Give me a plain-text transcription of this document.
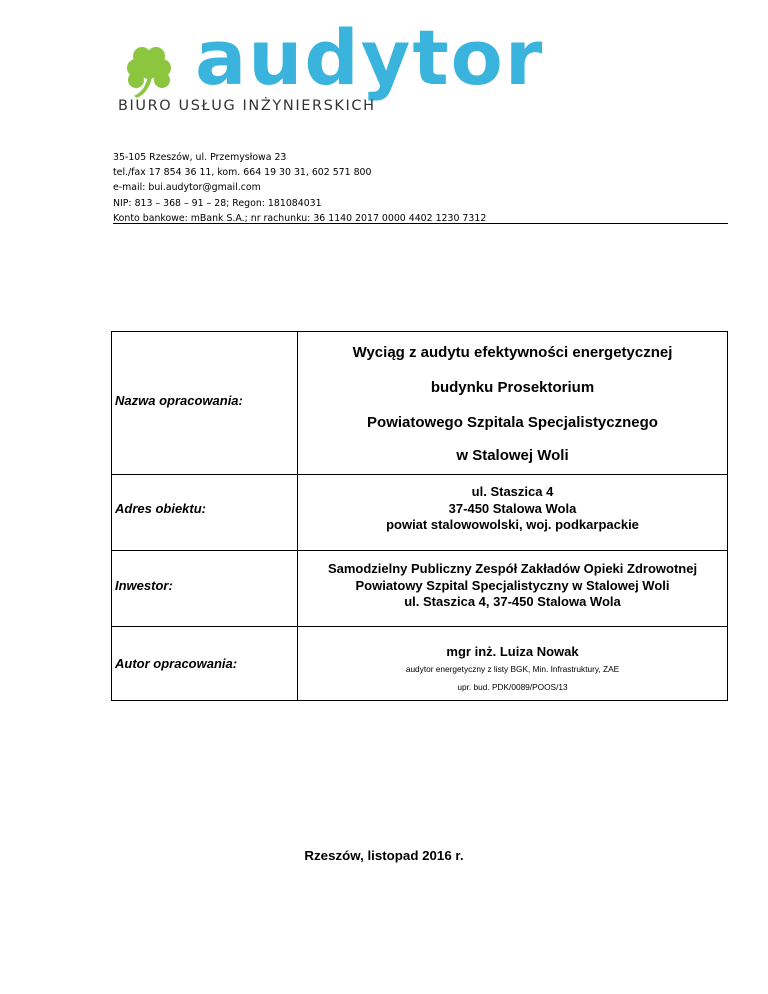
audytor
BIURO USŁUG INŻYNIERSKICH
35-105 Rzeszów, ul. Przemysłowa 23
tel./fax 17 854 36 11, kom. 664 19 30 31, 602 571 800
e-mail: bui.audytor@gmail.com
NIP: 813 – 368 – 91 – 28; Regon: 181084031
Konto bankowe: mBank S.A.; nr rachunku: 36 1140 2017 0000 4402 1230 7312
Nazwa opracowania:
Wyciąg z audytu efektywności energetycznej
budynku Prosektorium
Powiatowego Szpitala Specjalistycznego
w Stalowej Woli
Adres obiektu:
ul. Staszica 4
37-450 Stalowa Wola
powiat stalowowolski, woj. podkarpackie
Inwestor:
Samodzielny Publiczny Zespół Zakładów Opieki Zdrowotnej
Powiatowy Szpital Specjalistyczny w Stalowej Woli
ul. Staszica 4, 37-450 Stalowa Wola
Autor opracowania:
mgr inż. Luiza Nowak
audytor energetyczny z listy BGK, Min. Infrastruktury, ZAE
upr. bud. PDK/0089/POOS/13
Rzeszów, listopad 2016 r.
